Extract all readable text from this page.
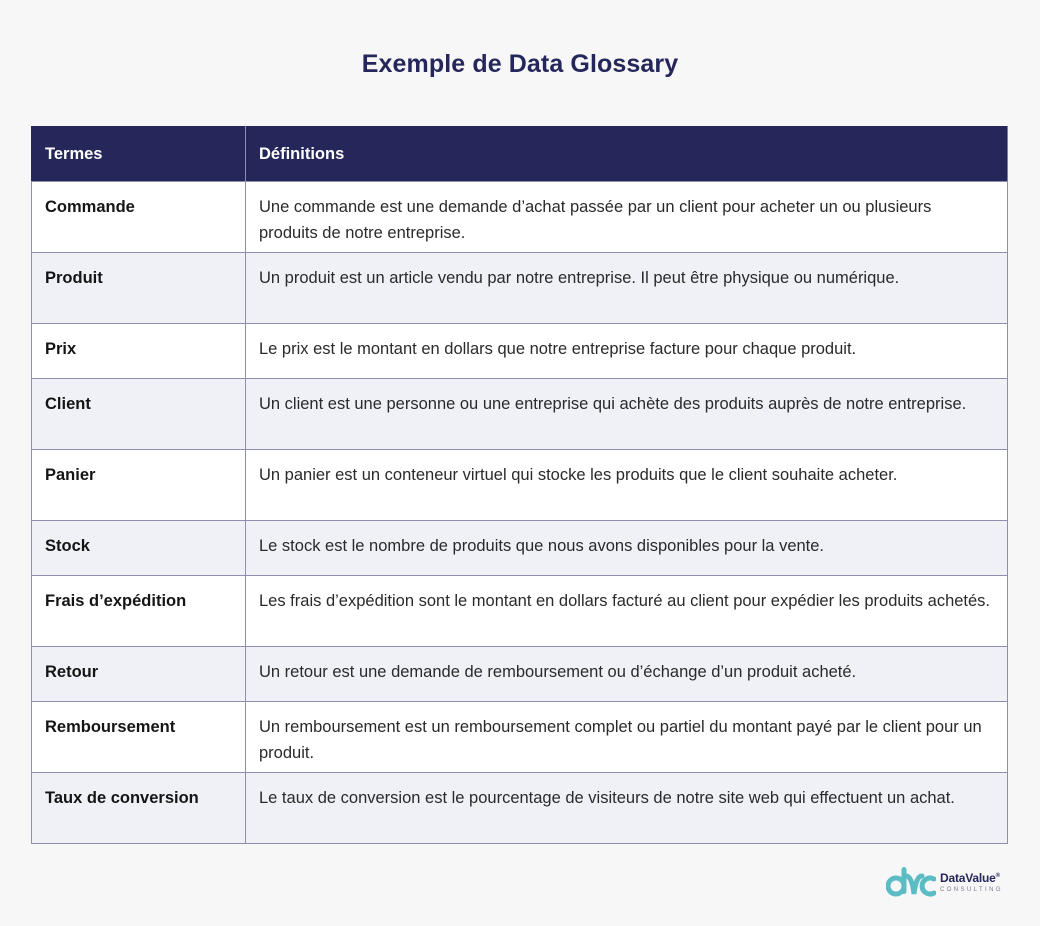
Exemple de Data Glossary
Termes	Définitions
Commande	Une commande est une demande d’achat passée par un client pour acheter un ou plusieurs produits de notre entreprise.
Produit	Un produit est un article vendu par notre entreprise. Il peut être physique ou numérique.
Prix	Le prix est le montant en dollars que notre entreprise facture pour chaque produit.
Client	Un client est une personne ou une entreprise qui achète des produits auprès de notre entreprise.
Panier	Un panier est un conteneur virtuel qui stocke les produits que le client souhaite acheter.
Stock	Le stock est le nombre de produits que nous avons disponibles pour la vente.
Frais d’expédition	Les frais d’expédition sont le montant en dollars facturé au client pour expédier les produits achetés.
Retour	Un retour est une demande de remboursement ou d’échange d’un produit acheté.
Remboursement	Un remboursement est un remboursement complet ou partiel du montant payé par le client pour un produit.
Taux de conversion	Le taux de conversion est le pourcentage de visiteurs de notre site web qui effectuent un achat.
DataValue®
CONSULTING
